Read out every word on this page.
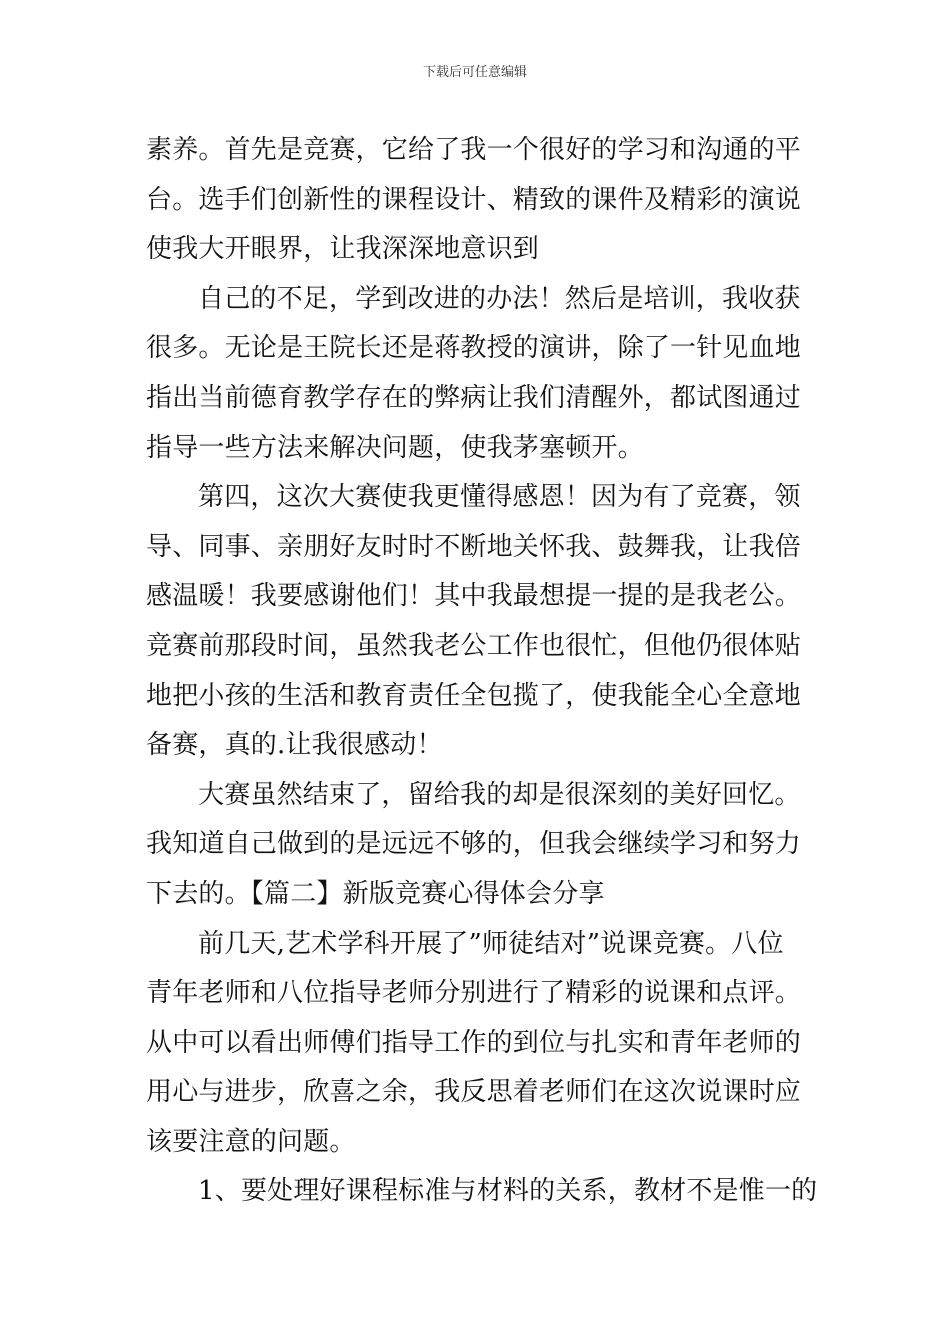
下载后可任意编辑
素养。首先是竞赛，它给了我一个很好的学习和沟通的平
台。选手们创新性的课程设计、精致的课件及精彩的演说
使我大开眼界，让我深深地意识到
自己的不足，学到改进的办法！然后是培训，我收获
很多。无论是王院长还是蒋教授的演讲，除了一针见血地
指出当前德育教学存在的弊病让我们清醒外，都试图通过
指导一些方法来解决问题，使我茅塞顿开。
第四，这次大赛使我更懂得感恩！因为有了竞赛，领
导、同事、亲朋好友时时不断地关怀我、鼓舞我，让我倍
感温暖！我要感谢他们！其中我最想提一提的是我老公。
竞赛前那段时间，虽然我老公工作也很忙，但他仍很体贴
地把小孩的生活和教育责任全包揽了，使我能全心全意地
备赛，真的.让我很感动！
大赛虽然结束了，留给我的却是很深刻的美好回忆。
我知道自己做到的是远远不够的，但我会继续学习和努力
下去的。【篇二】新版竞赛心得体会分享
前几天,艺术学科开展了”师徒结对”说课竞赛。八位
青年老师和八位指导老师分别进行了精彩的说课和点评。
从中可以看出师傅们指导工作的到位与扎实和青年老师的
用心与进步，欣喜之余，我反思着老师们在这次说课时应
该要注意的问题。
1、要处理好课程标准与材料的关系，教材不是惟一的
